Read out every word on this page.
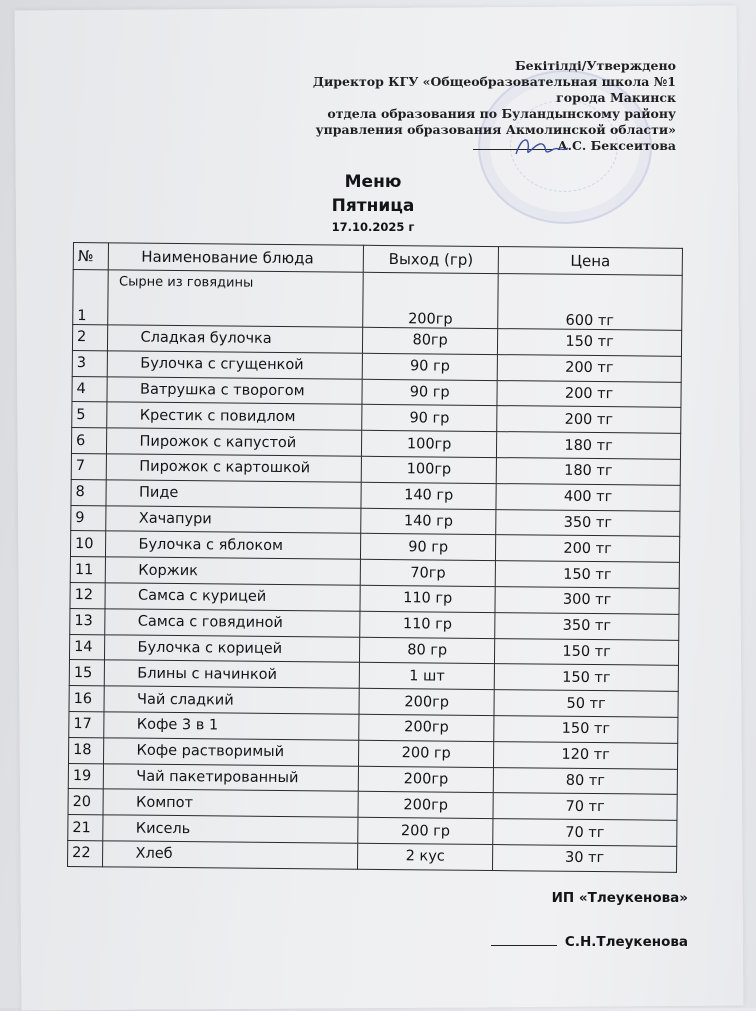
Бекітілді/Утверждено
Директор КГУ «Общеобразовательная школа №1
города Макинск
отдела образования по Буландынскому району
управления образования Акмолинской области»
А.С. Бексеитова
Меню
Пятница
17.10.2025 г
№	Наименование блюда	Выход (гр)	Цена
1	Сырне из говядины	200гр	600 тг
2	Сладкая булочка	80гр	150 тг
3	Булочка с сгущенкой	90 гр	200 тг
4	Ватрушка с творогом	90 гр	200 тг
5	Крестик с повидлом	90 гр	200 тг
6	Пирожок с капустой	100гр	180 тг
7	Пирожок с картошкой	100гр	180 тг
8	Пиде	140 гр	400 тг
9	Хачапури	140 гр	350 тг
10	Булочка с яблоком	90 гр	200 тг
11	Коржик	70гр	150 тг
12	Самса с курицей	110 гр	300 тг
13	Самса с говядиной	110 гр	350 тг
14	Булочка с корицей	80 гр	150 тг
15	Блины с начинкой	1 шт	150 тг
16	Чай сладкий	200гр	50 тг
17	Кофе 3 в 1	200гр	150 тг
18	Кофе растворимый	200 гр	120 тг
19	Чай пакетированный	200гр	80 тг
20	Компот	200гр	70 тг
21	Кисель	200 гр	70 тг
22	Хлеб	2 кус	30 тг
ИП «Тлеукенова»
С.Н.Тлеукенова
